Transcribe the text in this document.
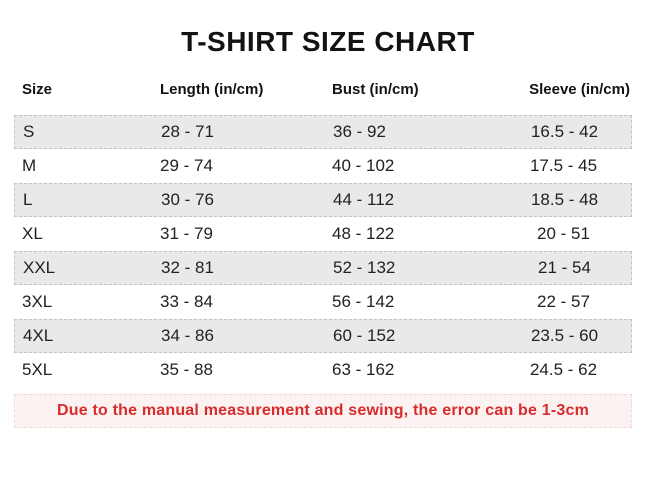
T-SHIRT SIZE CHART
Size	Length (in/cm)	Bust (in/cm)	Sleeve (in/cm)
S	28 - 71	36 - 92	16.5 - 42
M	29 - 74	40 - 102	17.5 - 45
L	30 - 76	44 - 112	18.5 - 48
XL	31 - 79	48 - 122	20 - 51
XXL	32 - 81	52 - 132	21 - 54
3XL	33 - 84	56 - 142	22 - 57
4XL	34 - 86	60 - 152	23.5 - 60
5XL	35 - 88	63 - 162	24.5 - 62
Due to the manual measurement and sewing, the error can be 1-3cm
